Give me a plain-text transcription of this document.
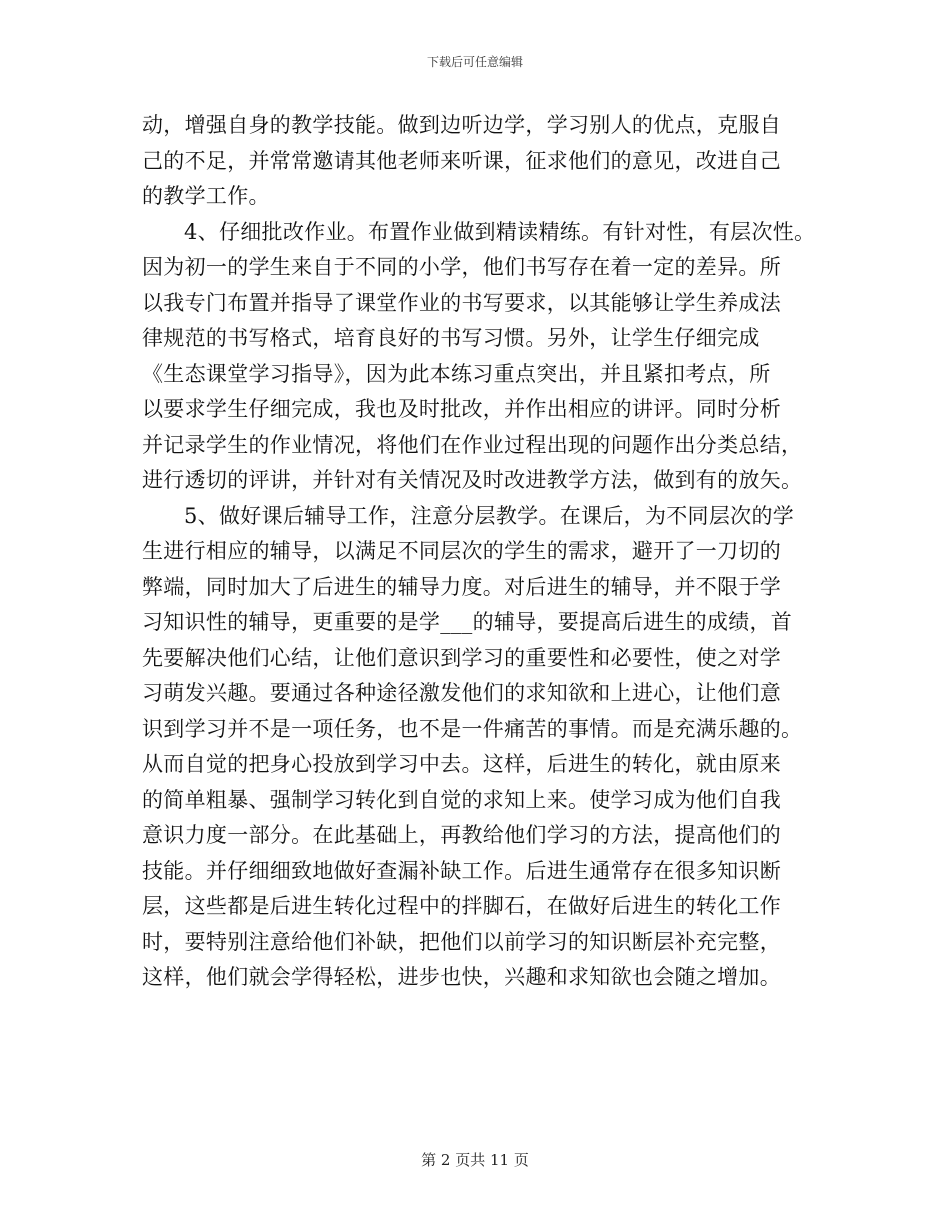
下载后可任意编辑
动，增强自身的教学技能。做到边听边学，学习别人的优点，克服自
己的不足，并常常邀请其他老师来听课，征求他们的意见，改进自己
的教学工作。
4、仔细批改作业。布置作业做到精读精练。有针对性，有层次性。
因为初一的学生来自于不同的小学，他们书写存在着一定的差异。所
以我专门布置并指导了课堂作业的书写要求，以其能够让学生养成法
律规范的书写格式，培育良好的书写习惯。另外，让学生仔细完成
《生态课堂学习指导》，因为此本练习重点突出，并且紧扣考点，所
以要求学生仔细完成，我也及时批改，并作出相应的讲评。同时分析
并记录学生的作业情况，将他们在作业过程出现的问题作出分类总结，
进行透切的评讲，并针对有关情况及时改进教学方法，做到有的放矢。
5、做好课后辅导工作，注意分层教学。在课后，为不同层次的学
生进行相应的辅导，以满足不同层次的学生的需求，避开了一刀切的
弊端，同时加大了后进生的辅导力度。对后进生的辅导，并不限于学
习知识性的辅导，更重要的是学___的辅导，要提高后进生的成绩，首
先要解决他们心结，让他们意识到学习的重要性和必要性，使之对学
习萌发兴趣。要通过各种途径激发他们的求知欲和上进心，让他们意
识到学习并不是一项任务，也不是一件痛苦的事情。而是充满乐趣的。
从而自觉的把身心投放到学习中去。这样，后进生的转化，就由原来
的简单粗暴、强制学习转化到自觉的求知上来。使学习成为他们自我
意识力度一部分。在此基础上，再教给他们学习的方法，提高他们的
技能。并仔细细致地做好查漏补缺工作。后进生通常存在很多知识断
层，这些都是后进生转化过程中的拌脚石，在做好后进生的转化工作
时，要特别注意给他们补缺，把他们以前学习的知识断层补充完整，
这样，他们就会学得轻松，进步也快，兴趣和求知欲也会随之增加。
第 2 页共 11 页
